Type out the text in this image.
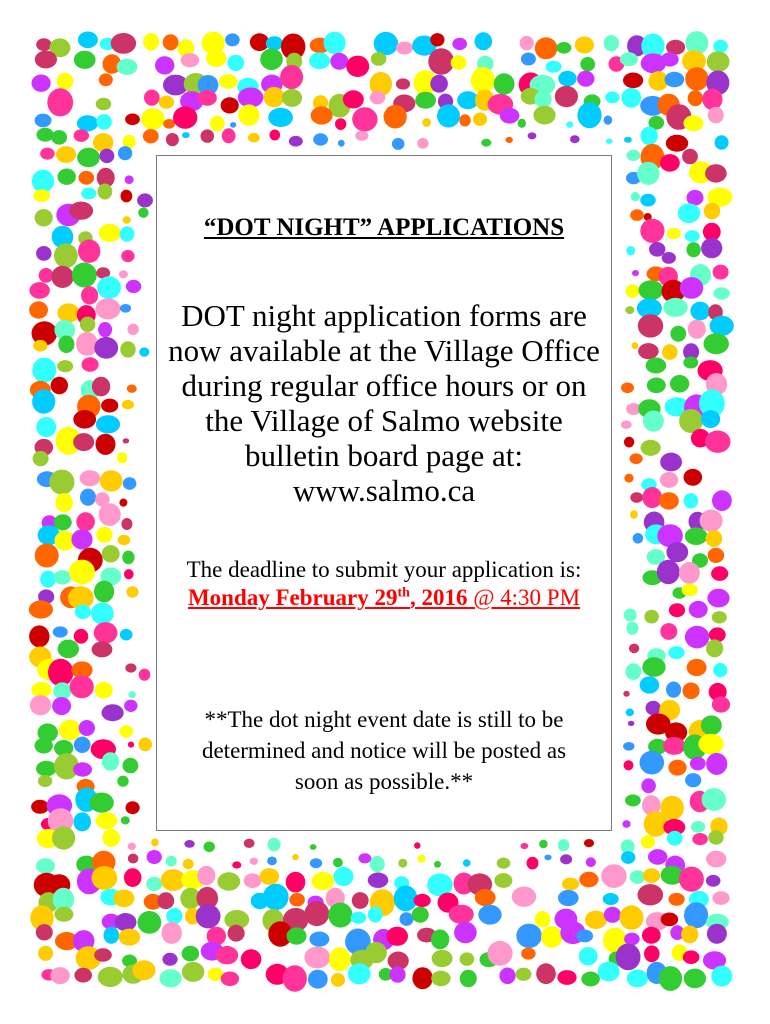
“DOT NIGHT” APPLICATIONS
DOT night application forms are
now available at the Village Office
during regular office hours or on
the Village of Salmo website
bulletin board page at:
www.salmo.ca
The deadline to submit your application is:
Monday February 29th, 2016 @ 4:30 PM
**The dot night event date is still to be
determined and notice will be posted as
soon as possible.**
